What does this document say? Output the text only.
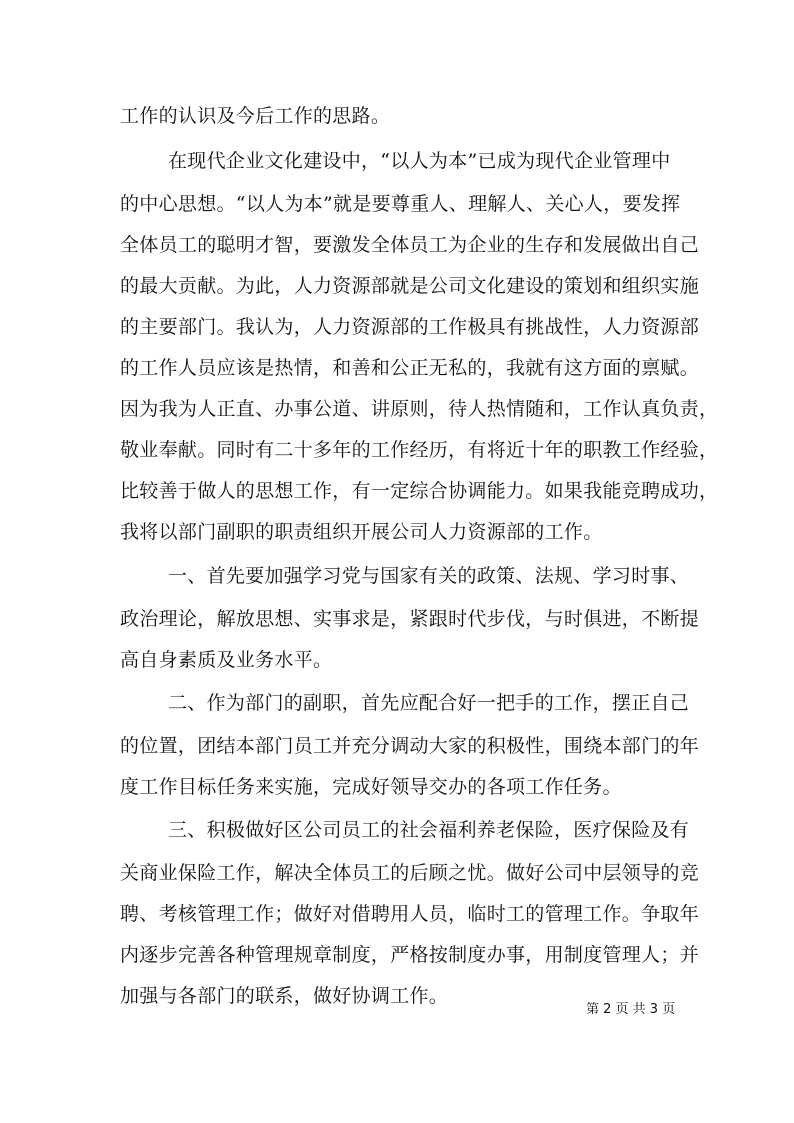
工作的认识及今后工作的思路。
在现代企业文化建设中，“以人为本”已成为现代企业管理中
的中心思想。“以人为本”就是要尊重人、理解人、关心人，要发挥
全体员工的聪明才智，要激发全体员工为企业的生存和发展做出自己
的最大贡献。为此，人力资源部就是公司文化建设的策划和组织实施
的主要部门。我认为，人力资源部的工作极具有挑战性，人力资源部
的工作人员应该是热情，和善和公正无私的，我就有这方面的禀赋。
因为我为人正直、办事公道、讲原则，待人热情随和，工作认真负责，
敬业奉献。同时有二十多年的工作经历，有将近十年的职教工作经验，
比较善于做人的思想工作，有一定综合协调能力。如果我能竞聘成功，
我将以部门副职的职责组织开展公司人力资源部的工作。
一、首先要加强学习党与国家有关的政策、法规、学习时事、
政治理论，解放思想、实事求是，紧跟时代步伐，与时俱进，不断提
高自身素质及业务水平。
二、作为部门的副职，首先应配合好一把手的工作，摆正自己
的位置，团结本部门员工并充分调动大家的积极性，围绕本部门的年
度工作目标任务来实施，完成好领导交办的各项工作任务。
三、积极做好区公司员工的社会福利养老保险，医疗保险及有
关商业保险工作，解决全体员工的后顾之忧。做好公司中层领导的竞
聘、考核管理工作；做好对借聘用人员，临时工的管理工作。争取年
内逐步完善各种管理规章制度，严格按制度办事，用制度管理人；并
加强与各部门的联系，做好协调工作。
第 2 页 共 3 页
